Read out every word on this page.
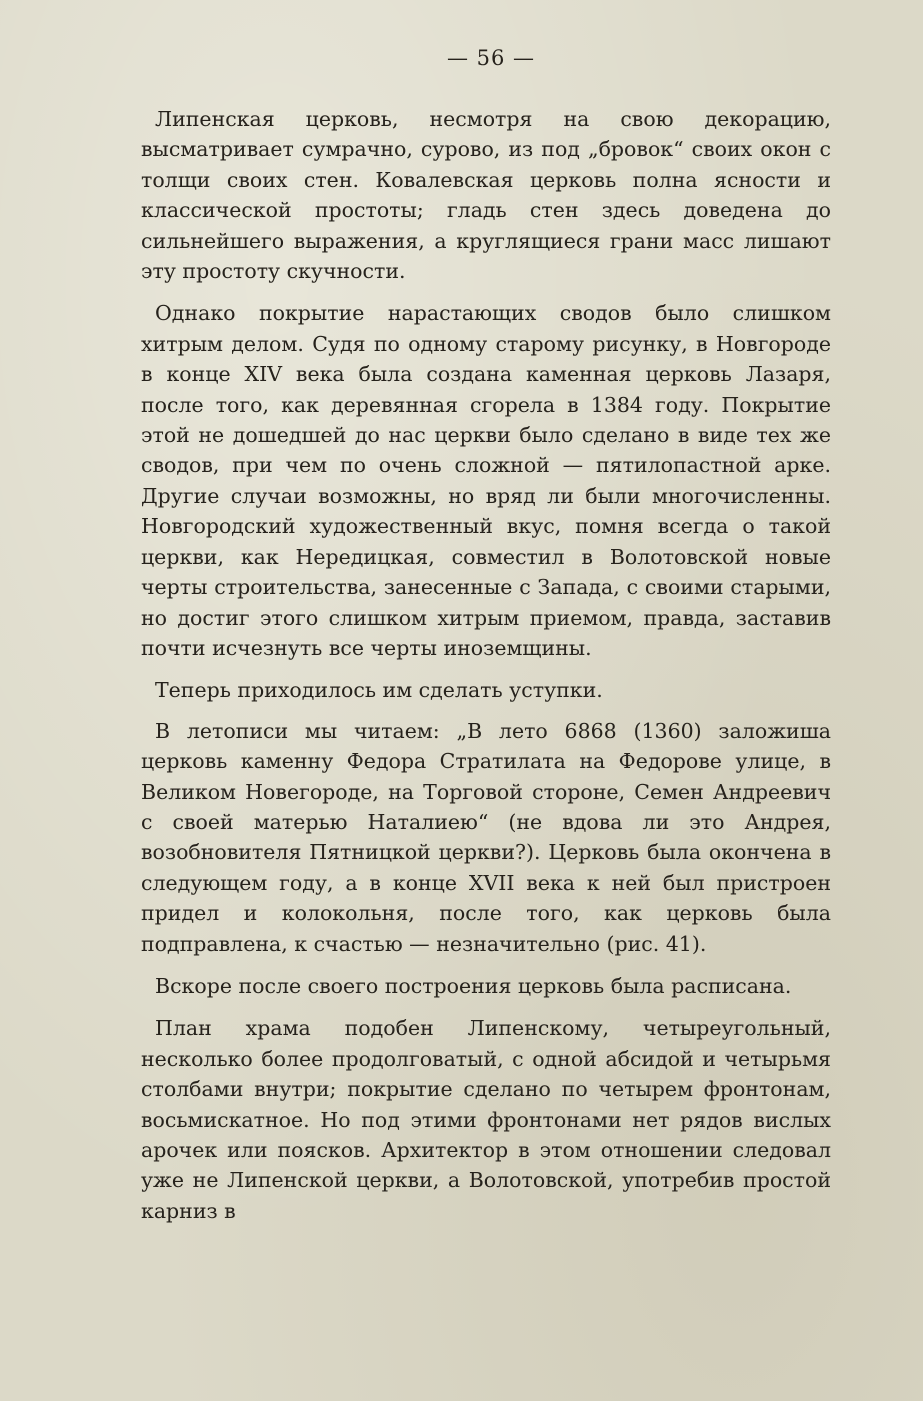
— 56 —

Липенская церковь, несмотря на свою декорацию, высматривает сумрачно, сурово, из под „бровок“ своих окон с толщи своих стен. Ковалевская церковь полна ясности и классической простоты; гладь стен здесь доведена до сильнейшего выражения, а круглящиеся грани масс лишают эту простоту скучности.

Однако покрытие нарастающих сводов было слишком хитрым делом. Судя по одному старому рисунку, в Новгороде в конце XIV века была создана каменная церковь Лазаря, после того, как деревянная сгорела в 1384 году. Покрытие этой не дошедшей до нас церкви было сделано в виде тех же сводов, при чем по очень сложной — пятилопастной арке. Другие случаи возможны, но вряд ли были многочисленны. Новгородский художественный вкус, помня всегда о такой церкви, как Нередицкая, совместил в Волотовской новые черты строительства, занесенные с Запада, с своими старыми, но достиг этого слишком хитрым приемом, правда, заставив почти исчезнуть все черты иноземщины.

Теперь приходилось им сделать уступки.

В летописи мы читаем: „В лето 6868 (1360) заложиша церковь каменну Федора Стратилата на Федорове улице, в Великом Новегороде, на Торговой стороне, Семен Андреевич с своей матерью Наталиею“ (не вдова ли это Андрея, возобновителя Пятницкой церкви?). Церковь была окончена в следующем году, а в конце XVII века к ней был пристроен придел и колокольня, после того, как церковь была подправлена, к счастью — незначительно (рис. 41).

Вскоре после своего построения церковь была расписана.

План храма подобен Липенскому, четыреугольный, несколько более продолговатый, с одной абсидой и четырьмя столбами внутри; покрытие сделано по четырем фронтонам, восьмискатное. Но под этими фронтонами нет рядов вислых арочек или поясков. Архитектор в этом отношении следовал уже не Липенской церкви, а Волотовской, употребив простой карниз в
